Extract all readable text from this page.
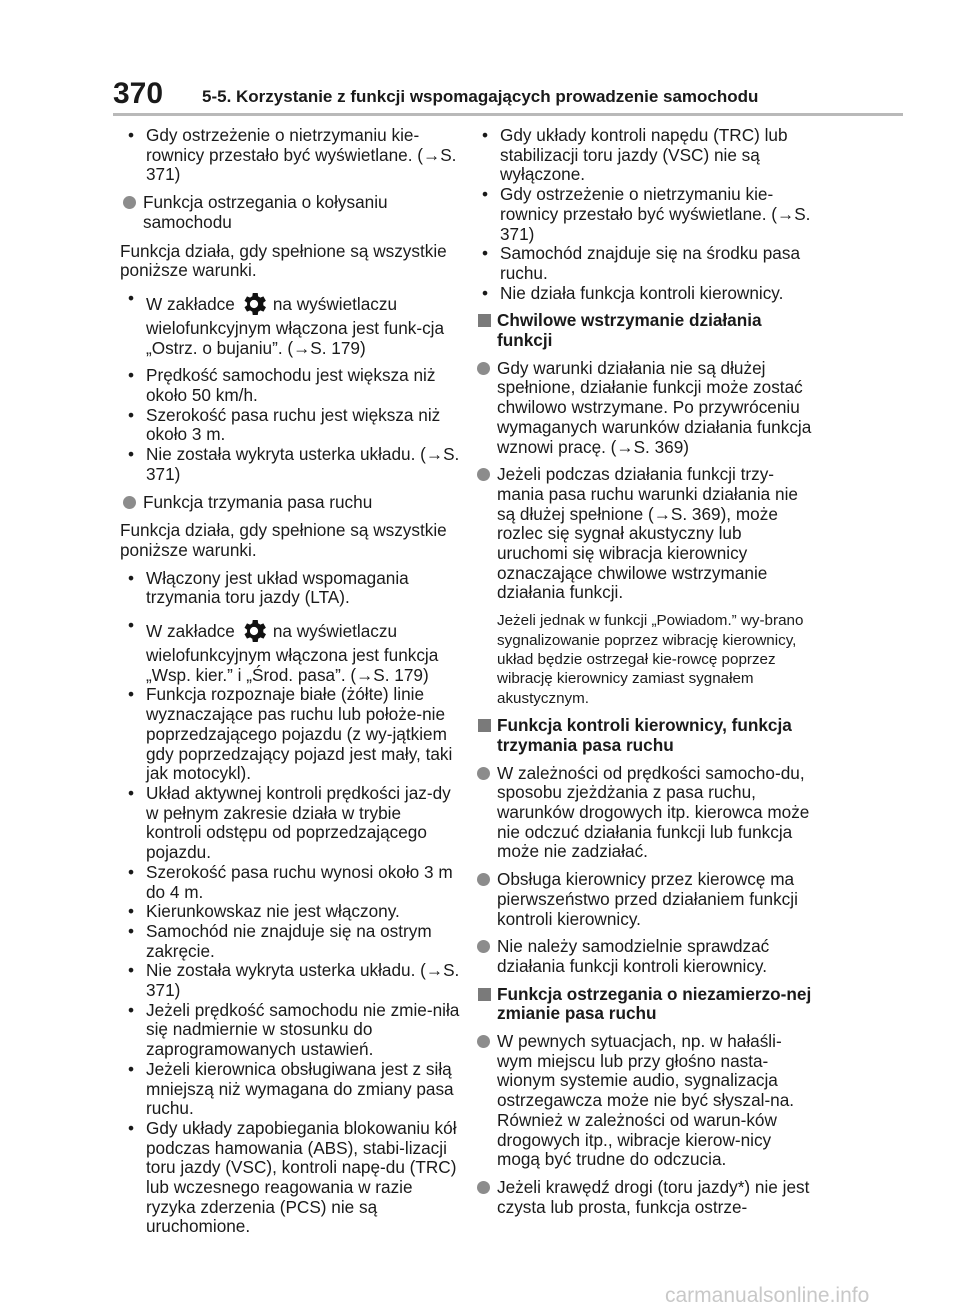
370 5-5. Korzystanie z funkcji wspomagających prowadzenie samochodu
• Gdy ostrzeżenie o nietrzymaniu kie-rownicy przestało być wyświetlane. (→S. 371)
Funkcja ostrzegania o kołysaniu samochodu
Funkcja działa, gdy spełnione są wszystkie poniższe warunki.
• W zakładce na wyświetlaczu
wielofunkcyjnym włączona jest funk-cja „Ostrz. o bujaniu”. (→S. 179)
• Prędkość samochodu jest większa niż około 50 km/h.
• Szerokość pasa ruchu jest większa niż około 3 m.
• Nie została wykryta usterka układu. (→S. 371)
Funkcja trzymania pasa ruchu
Funkcja działa, gdy spełnione są wszystkie poniższe warunki.
• Włączony jest układ wspomagania trzymania toru jazdy (LTA).
• W zakładce na wyświetlaczu
wielofunkcyjnym włączona jest funkcja „Wsp. kier.” i „Środ. pasa”. (→S. 179)
• Funkcja rozpoznaje białe (żółte) linie wyznaczające pas ruchu lub położe-nie poprzedzającego pojazdu (z wy-jątkiem gdy poprzedzający pojazd jest mały, taki jak motocykl).
• Układ aktywnej kontroli prędkości jaz-dy w pełnym zakresie działa w trybie kontroli odstępu od poprzedzającego pojazdu.
• Szerokość pasa ruchu wynosi około 3 m do 4 m.
• Kierunkowskaz nie jest włączony.
• Samochód nie znajduje się na ostrym zakręcie.
• Nie została wykryta usterka układu. (→S. 371)
• Jeżeli prędkość samochodu nie zmie-niła się nadmiernie w stosunku do zaprogramowanych ustawień.
• Jeżeli kierownica obsługiwana jest z siłą mniejszą niż wymagana do zmiany pasa ruchu.
• Gdy układy zapobiegania blokowaniu kół podczas hamowania (ABS), stabi-lizacji toru jazdy (VSC), kontroli napę-du (TRC) lub wczesnego reagowania w razie ryzyka zderzenia (PCS) nie są uruchomione.
• Gdy układy kontroli napędu (TRC) lub stabilizacji toru jazdy (VSC) nie są wyłączone.
• Gdy ostrzeżenie o nietrzymaniu kie-rownicy przestało być wyświetlane. (→S. 371)
• Samochód znajduje się na środku pasa ruchu.
• Nie działa funkcja kontroli kierownicy.
Chwilowe wstrzymanie działania funkcji
Gdy warunki działania nie są dłużej spełnione, działanie funkcji może zostać chwilowo wstrzymane. Po przywróceniu wymaganych warunków działania funkcja wznowi pracę. (→S. 369)
Jeżeli podczas działania funkcji trzy-mania pasa ruchu warunki działania nie są dłużej spełnione (→S. 369), może rozlec się sygnał akustyczny lub uruchomi się wibracja kierownicy oznaczające chwilowe wstrzymanie działania funkcji.
Jeżeli jednak w funkcji „Powiadom.” wy-brano sygnalizowanie poprzez wibrację kierownicy, układ będzie ostrzegał kie-rowcę poprzez wibrację kierownicy zamiast sygnałem akustycznym.
Funkcja kontroli kierownicy, funkcja trzymania pasa ruchu
W zależności od prędkości samocho-du, sposobu zjeżdżania z pasa ruchu, warunków drogowych itp. kierowca może nie odczuć działania funkcji lub funkcja może nie zadziałać.
Obsługa kierownicy przez kierowcę ma pierwszeństwo przed działaniem funkcji kontroli kierownicy.
Nie należy samodzielnie sprawdzać działania funkcji kontroli kierownicy.
Funkcja ostrzegania o niezamierzo-nej zmianie pasa ruchu
W pewnych sytuacjach, np. w hałaśli-wym miejscu lub przy głośno nasta-wionym systemie audio, sygnalizacja ostrzegawcza może nie być słyszal-na. Również w zależności od warun-ków drogowych itp., wibracje kierow-nicy mogą być trudne do odczucia.
Jeżeli krawędź drogi (toru jazdy*) nie jest czysta lub prosta, funkcja ostrze-
carmanualsonline.info
